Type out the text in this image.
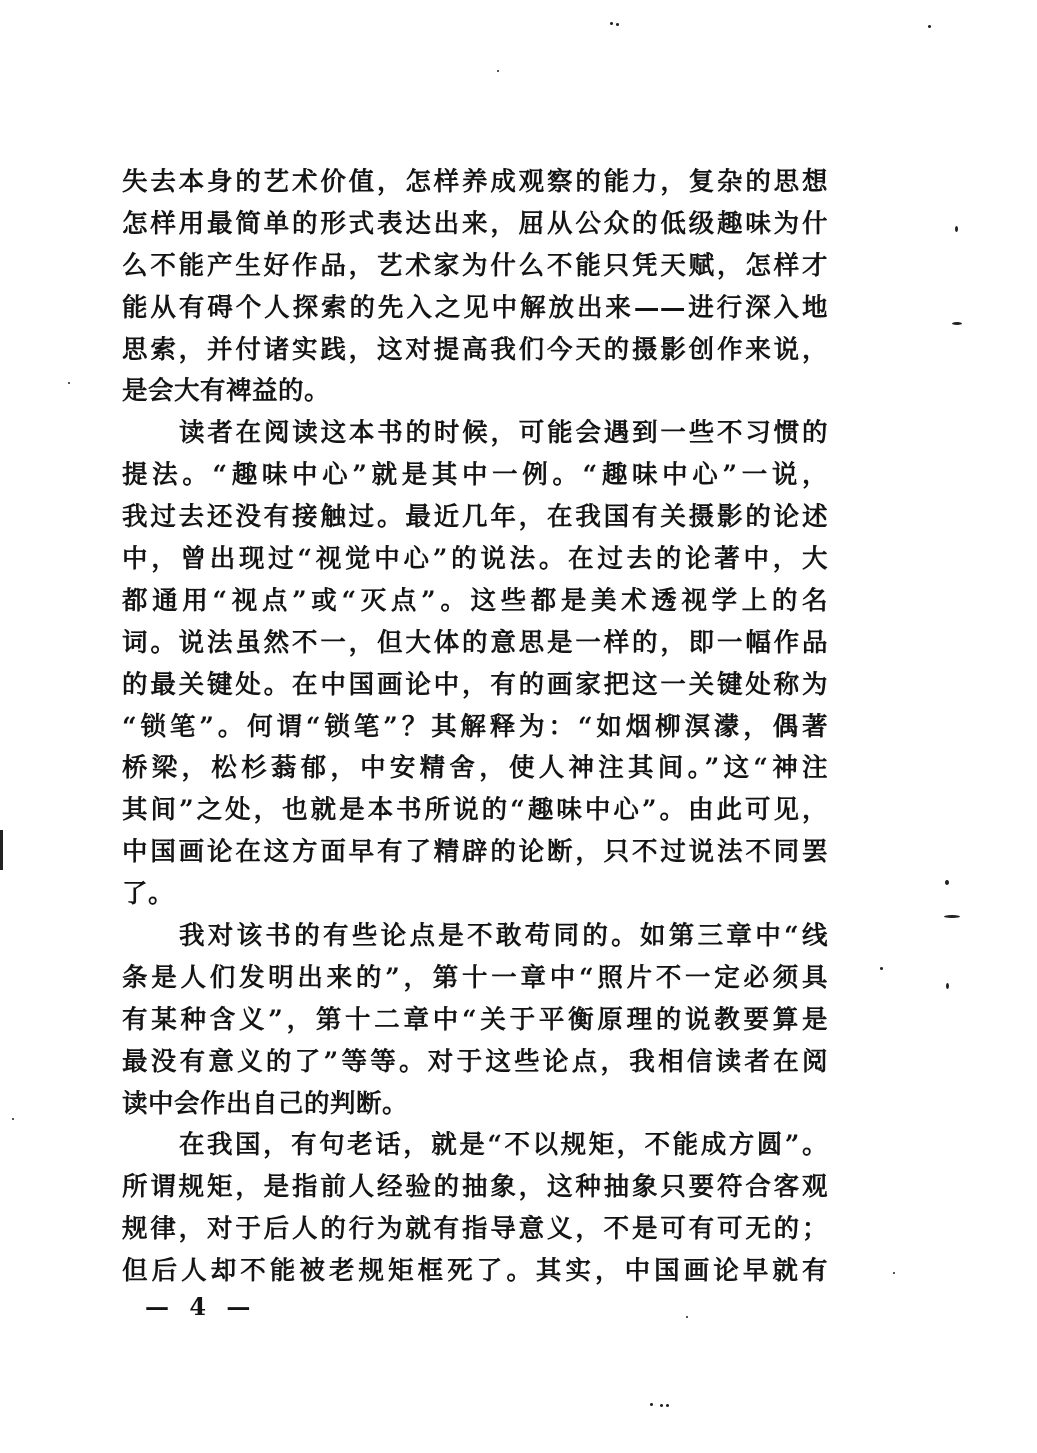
失去本身的艺术价值，怎样养成观察的能力，复杂的思想
怎样用最简单的形式表达出来，屈从公众的低级趣味为什
么不能产生好作品，艺术家为什么不能只凭天赋，怎样才
能从有碍个人探索的先入之见中解放出来——进行深入地
思索，并付诸实践，这对提高我们今天的摄影创作来说，
是会大有裨益的。
读者在阅读这本书的时候，可能会遇到一些不习惯的
提法。“趣味中心”就是其中一例。“趣味中心”一说，
我过去还没有接触过。最近几年，在我国有关摄影的论述
中，曾出现过“视觉中心”的说法。在过去的论著中，大
都通用“视点”或“灭点”。这些都是美术透视学上的名
词。说法虽然不一，但大体的意思是一样的，即一幅作品
的最关键处。在中国画论中，有的画家把这一关键处称为
“锁笔”。何谓“锁笔”？其解释为：“如烟柳溟濛，偶著
桥梁，松杉蓊郁，中安精舍，使人神注其间。”这“神注
其间”之处，也就是本书所说的“趣味中心”。由此可见，
中国画论在这方面早有了精辟的论断，只不过说法不同罢
了。
我对该书的有些论点是不敢苟同的。如第三章中“线
条是人们发明出来的”，第十一章中“照片不一定必须具
有某种含义”，第十二章中“关于平衡原理的说教要算是
最没有意义的了”等等。对于这些论点，我相信读者在阅
读中会作出自己的判断。
在我国，有句老话，就是“不以规矩，不能成方圆”。
所谓规矩，是指前人经验的抽象，这种抽象只要符合客观
规律，对于后人的行为就有指导意义，不是可有可无的；
但后人却不能被老规矩框死了。其实，中国画论早就有
— 4 —
